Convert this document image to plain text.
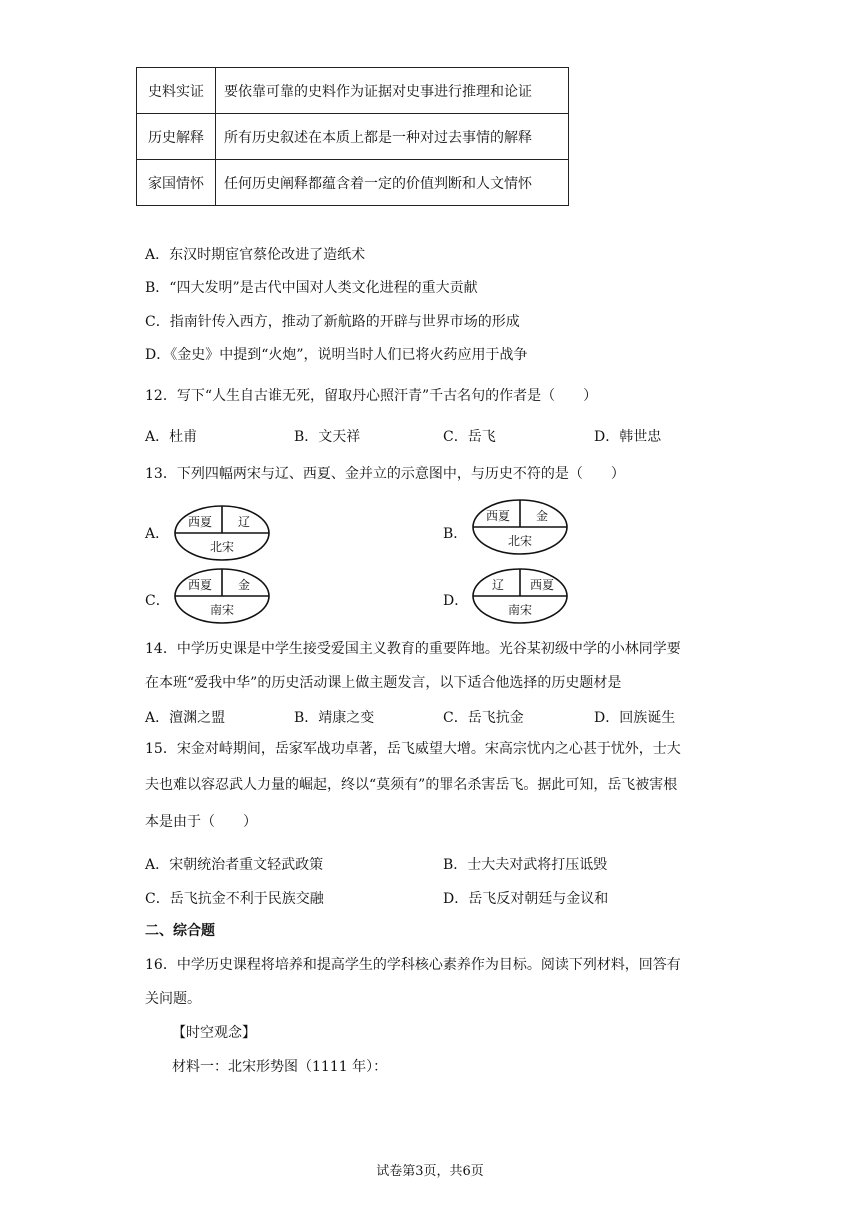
史料实证	要依靠可靠的史料作为证据对史事进行推理和论证
历史解释	所有历史叙述在本质上都是一种对过去事情的解释
家国情怀	任何历史阐释都蕴含着一定的价值判断和人文情怀
A．东汉时期宦官蔡伦改进了造纸术
B．“四大发明”是古代中国对人类文化进程的重大贡献
C．指南针传入西方，推动了新航路的开辟与世界市场的形成
D．《金史》中提到“火炮”，说明当时人们已将火药应用于战争
12．写下“人生自古谁无死，留取丹心照汗青”千古名句的作者是（　　）
A．杜甫	B．文天祥	C．岳飞	D．韩世忠
13．下列四幅两宋与辽、西夏、金并立的示意图中，与历史不符的是（　　）
A．
西夏 辽
北宋
B．
西夏 金
北宋
C．
西夏 金
南宋
D．
辽 西夏
南宋
14．中学历史课是中学生接受爱国主义教育的重要阵地。光谷某初级中学的小林同学要
在本班“爱我中华”的历史活动课上做主题发言，以下适合他选择的历史题材是
A．澶渊之盟	B．靖康之变	C．岳飞抗金	D．回族诞生
15．宋金对峙期间，岳家军战功卓著，岳飞威望大增。宋高宗忧内之心甚于忧外，士大
夫也难以容忍武人力量的崛起，终以“莫须有”的罪名杀害岳飞。据此可知，岳飞被害根
本是由于（　　）
A．宋朝统治者重文轻武政策	B．士大夫对武将打压诋毁
C．岳飞抗金不利于民族交融	D．岳飞反对朝廷与金议和
二、综合题
16．中学历史课程将培养和提高学生的学科核心素养作为目标。阅读下列材料，回答有
关问题。
【时空观念】
材料一：北宋形势图（1111 年）：
试卷第3页，共6页
